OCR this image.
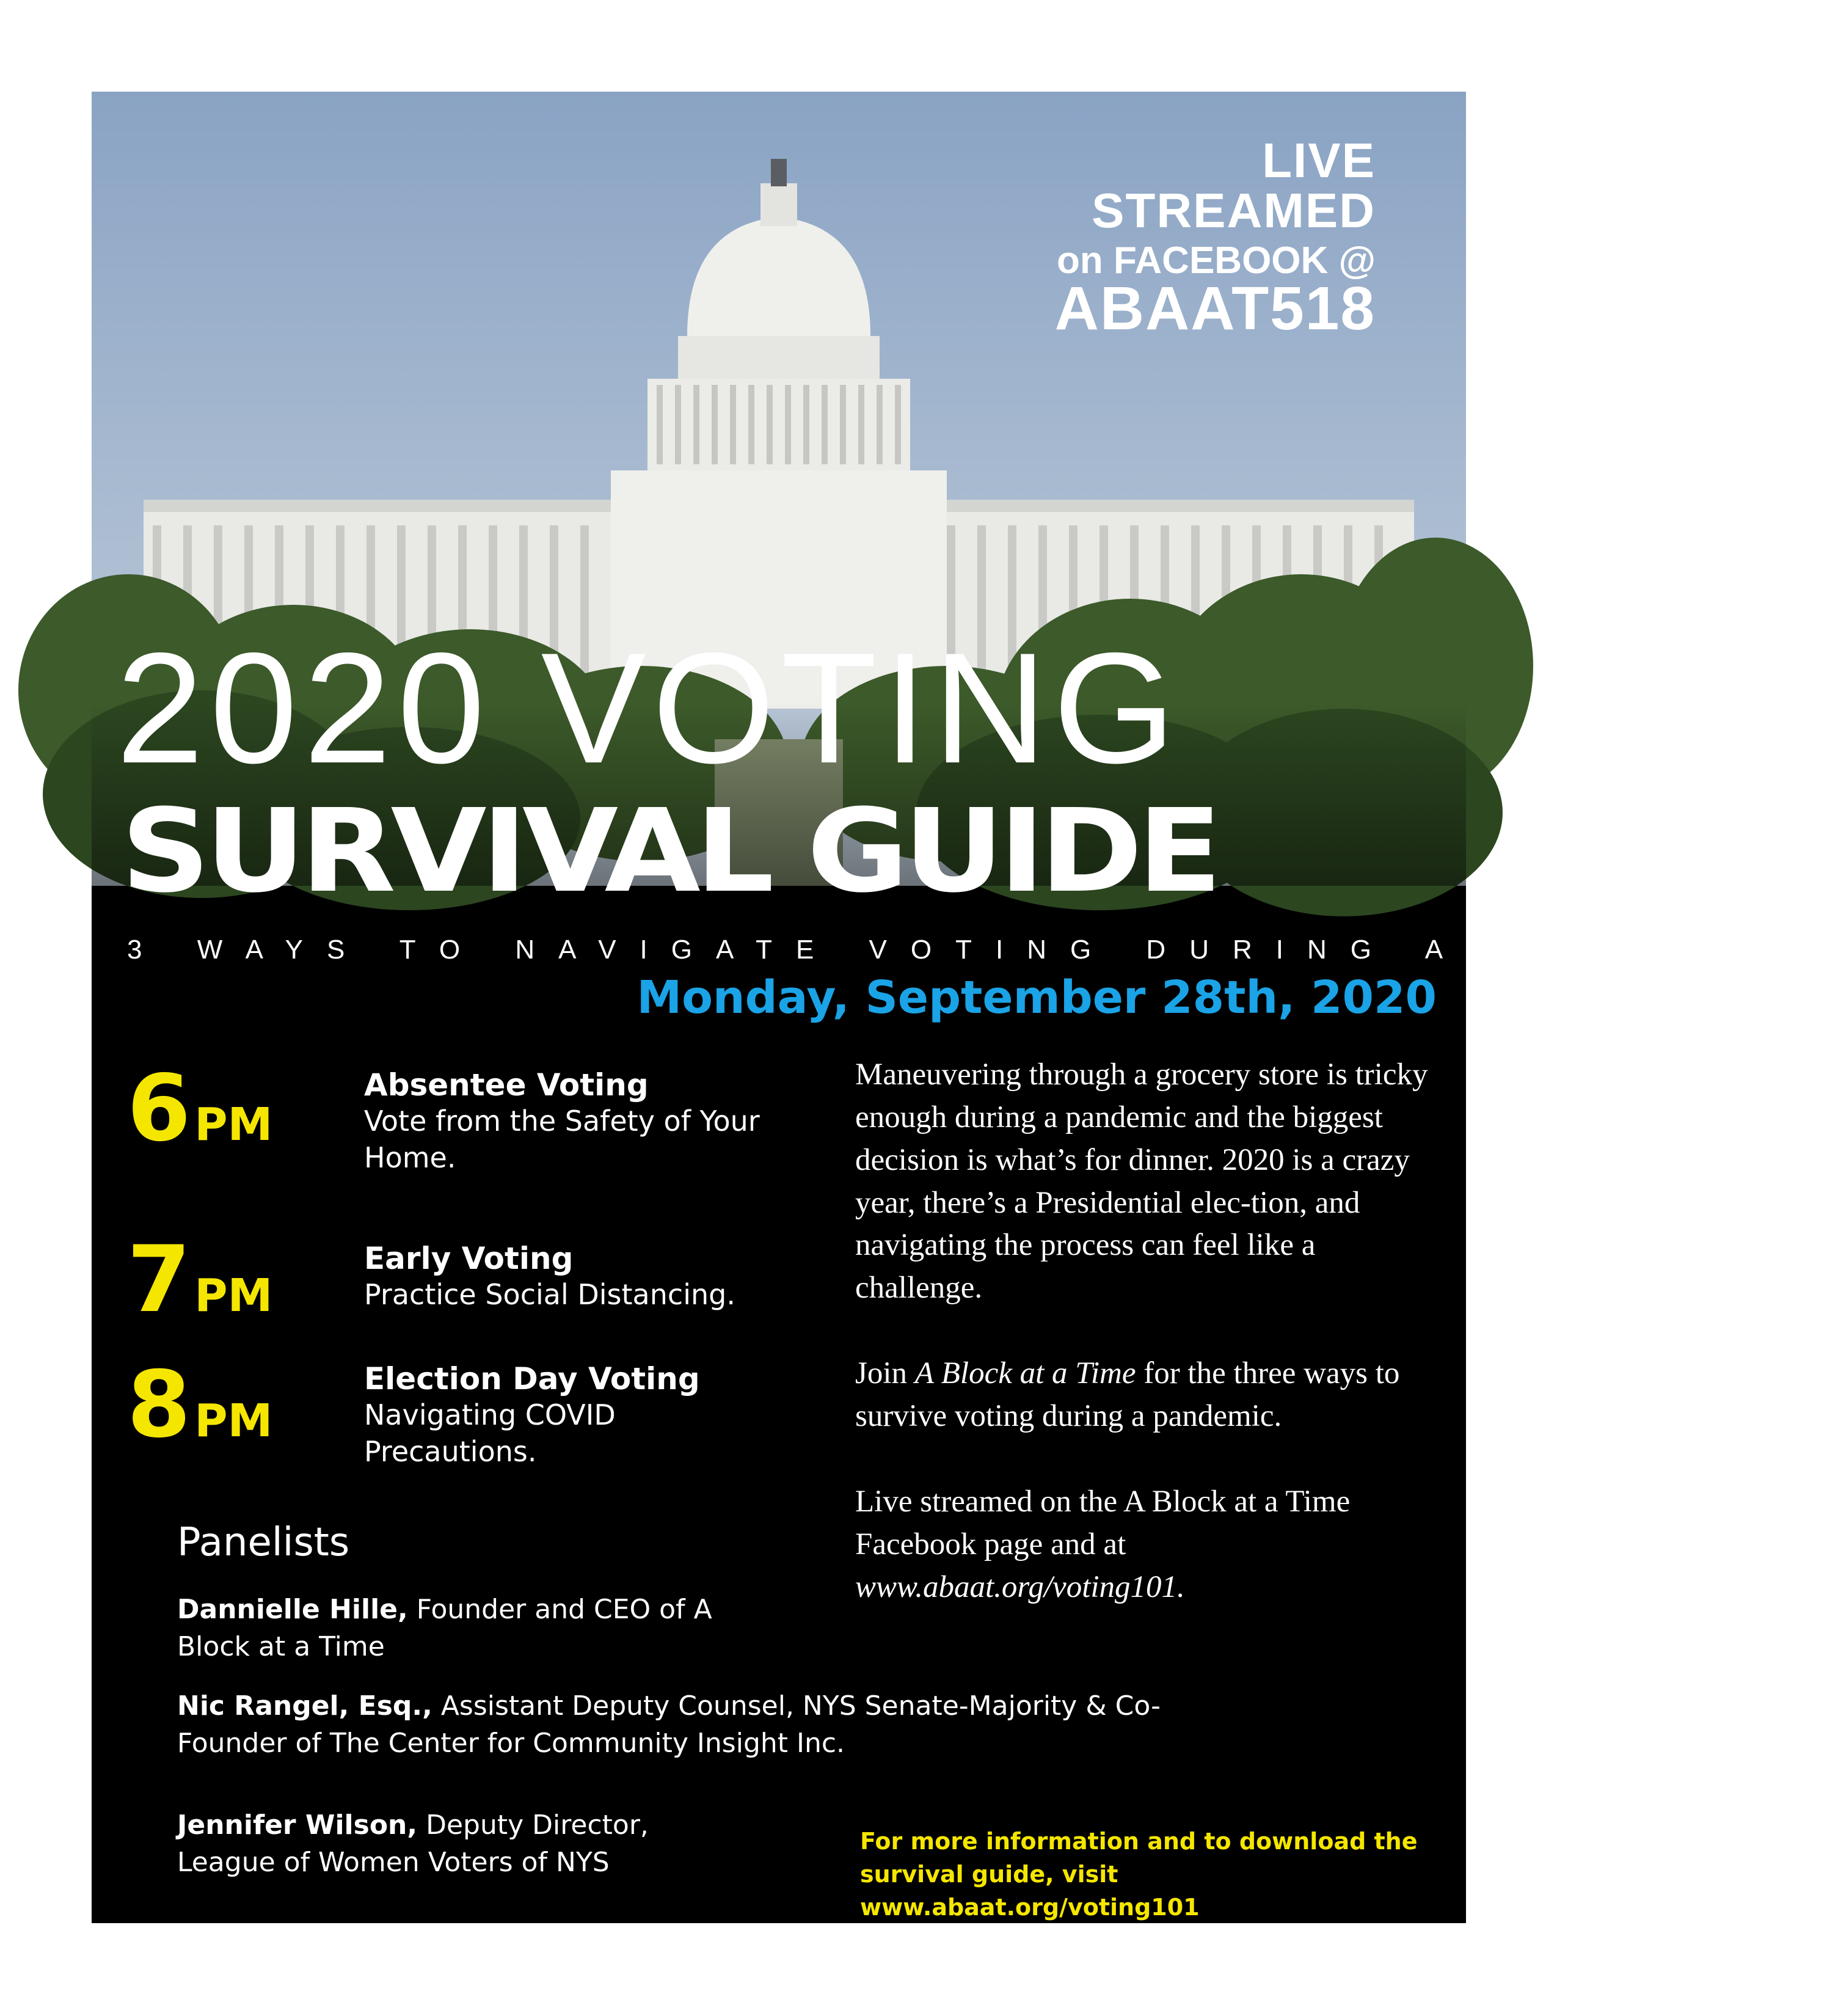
LIVE
STREAMED
on FACEBOOK @
ABAAT518
2020 VOTING
SURVIVAL GUIDE
3 WAYS TO NAVIGATE VOTING DURING A PANDEMIC
Monday, September 28th, 2020
6PM
Absentee Voting
Vote from the Safety of Your Home.
7PM
Early Voting
Practice Social Distancing.
8PM
Election Day Voting
Navigating COVID Precautions.
Panelists
Dannielle Hille, Founder and CEO of A Block at a Time
Nic Rangel, Esq., Assistant Deputy Counsel, NYS Senate-Majority & Co-Founder of The Center for Community Insight Inc.
Jennifer Wilson, Deputy Director, League of Women Voters of NYS

Maneuvering through a grocery store is tricky enough during a pandemic and the biggest decision is what’s for dinner. 2020 is a crazy year, there’s a Presidential elec-tion, and navigating the process can feel like a challenge.

Join A Block at a Time for the three ways to survive voting during a pandemic.

Live streamed on the A Block at a Time Facebook page and at www.abaat.org/voting101.

For more information and to download the survival guide, visit www.abaat.org/voting101
